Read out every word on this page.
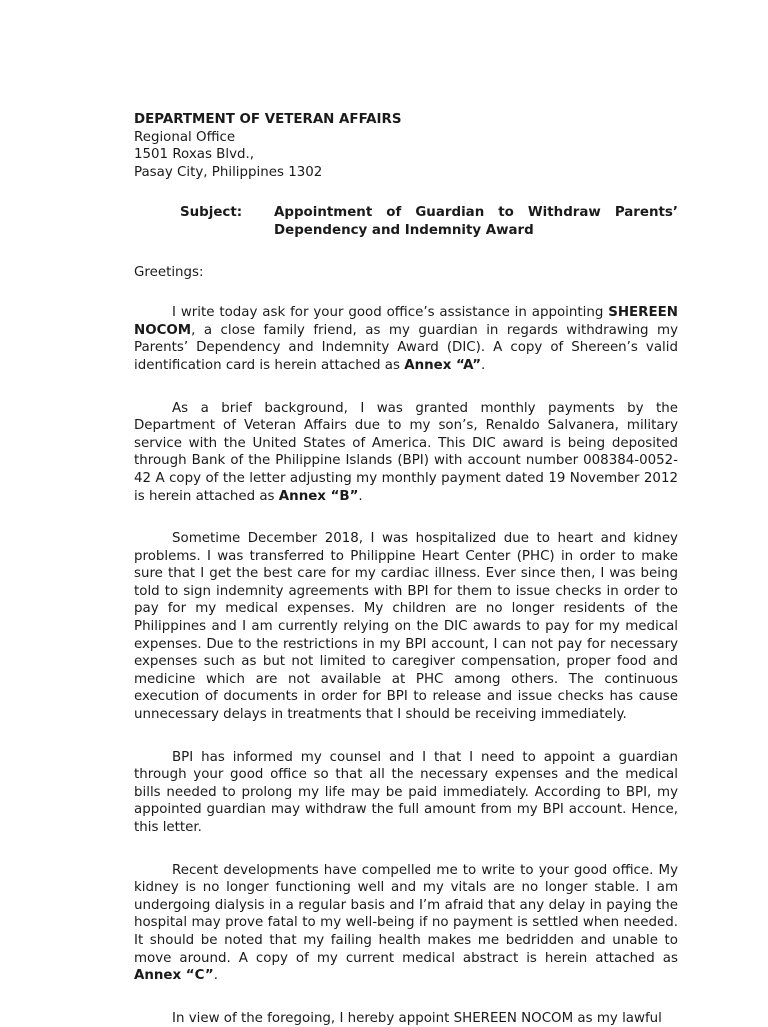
DEPARTMENT OF VETERAN AFFAIRS
Regional Office
1501 Roxas Blvd.,
Pasay City, Philippines 1302
Subject:	Appointment of Guardian to Withdraw Parents’ Dependency and Indemnity Award

Greetings:

I write today ask for your good office’s assistance in appointing SHEREEN NOCOM, a close family friend, as my guardian in regards withdrawing my Parents’ Dependency and Indemnity Award (DIC). A copy of Shereen’s valid identification card is herein attached as Annex “A”.

As a brief background, I was granted monthly payments by the Department of Veteran Affairs due to my son’s, Renaldo Salvanera, military service with the United States of America. This DIC award is being deposited through Bank of the Philippine Islands (BPI) with account number 008384-0052-42 A copy of the letter adjusting my monthly payment dated 19 November 2012 is herein attached as Annex “B”.

Sometime December 2018, I was hospitalized due to heart and kidney problems. I was transferred to Philippine Heart Center (PHC) in order to make sure that I get the best care for my cardiac illness. Ever since then, I was being told to sign indemnity agreements with BPI for them to issue checks in order to pay for my medical expenses. My children are no longer residents of the Philippines and I am currently relying on the DIC awards to pay for my medical expenses. Due to the restrictions in my BPI account, I can not pay for necessary expenses such as but not limited to caregiver compensation, proper food and medicine which are not available at PHC among others. The continuous execution of documents in order for BPI to release and issue checks has cause unnecessary delays in treatments that I should be receiving immediately.

BPI has informed my counsel and I that I need to appoint a guardian through your good office so that all the necessary expenses and the medical bills needed to prolong my life may be paid immediately. According to BPI, my appointed guardian may withdraw the full amount from my BPI account. Hence, this letter.

Recent developments have compelled me to write to your good office. My kidney is no longer functioning well and my vitals are no longer stable. I am undergoing dialysis in a regular basis and I’m afraid that any delay in paying the hospital may prove fatal to my well-being if no payment is settled when needed. It should be noted that my failing health makes me bedridden and unable to move around. A copy of my current medical abstract is herein attached as Annex “C”.

In view of the foregoing, I hereby appoint SHEREEN NOCOM as my lawful
